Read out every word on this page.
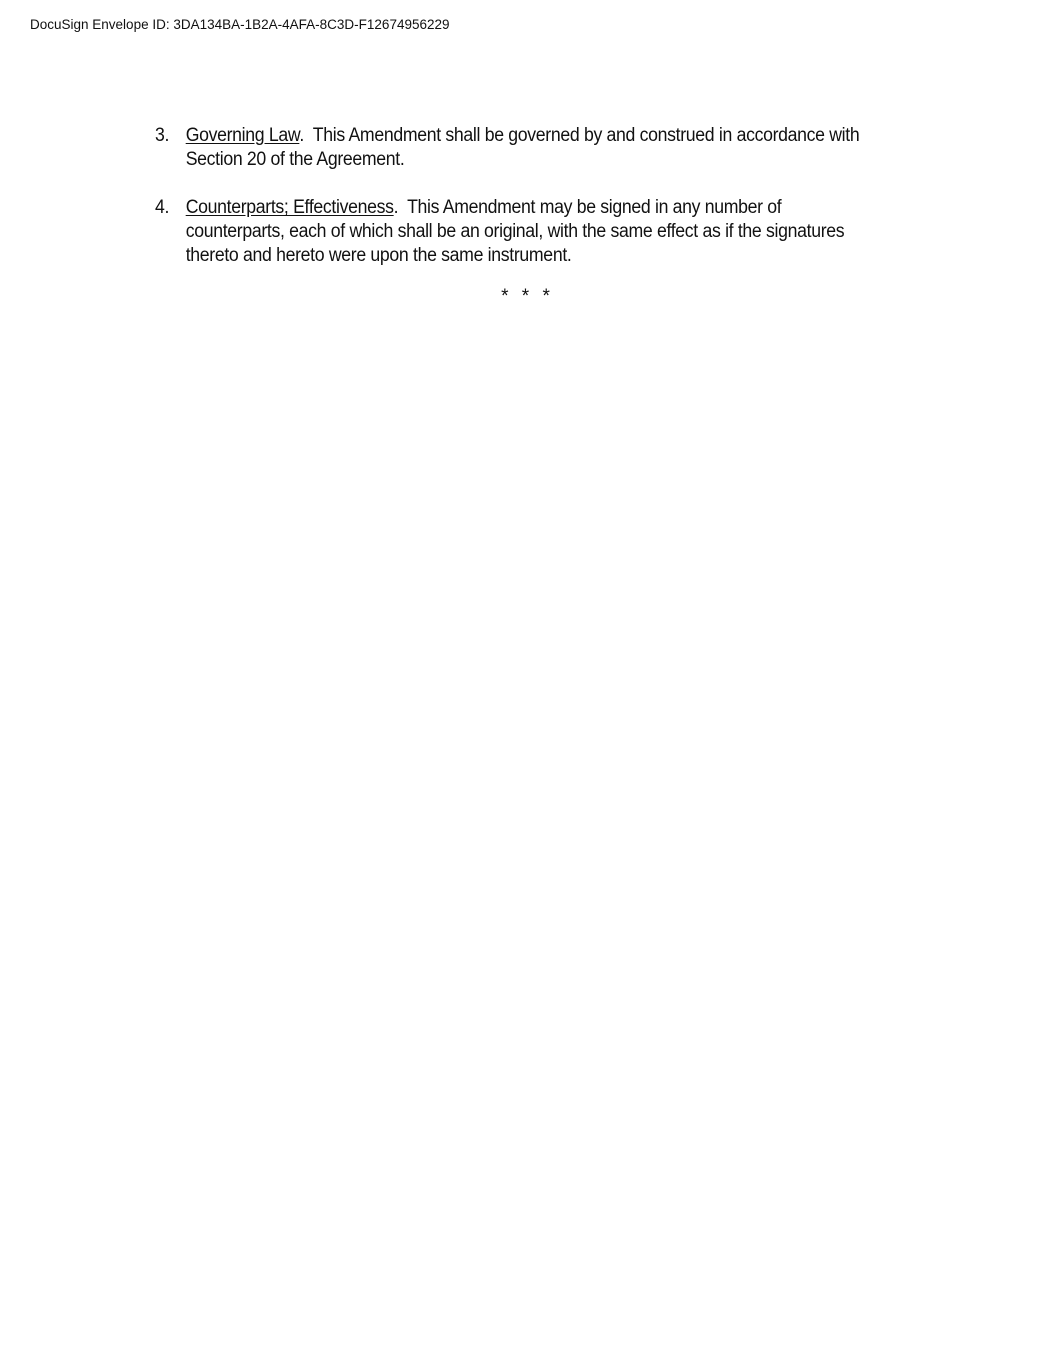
DocuSign Envelope ID: 3DA134BA-1B2A-4AFA-8C3D-F12674956229
3. Governing Law. This Amendment shall be governed by and construed in accordance with Section 20 of the Agreement.
4. Counterparts; Effectiveness. This Amendment may be signed in any number of counterparts, each of which shall be an original, with the same effect as if the signatures thereto and hereto were upon the same instrument.
* * *
